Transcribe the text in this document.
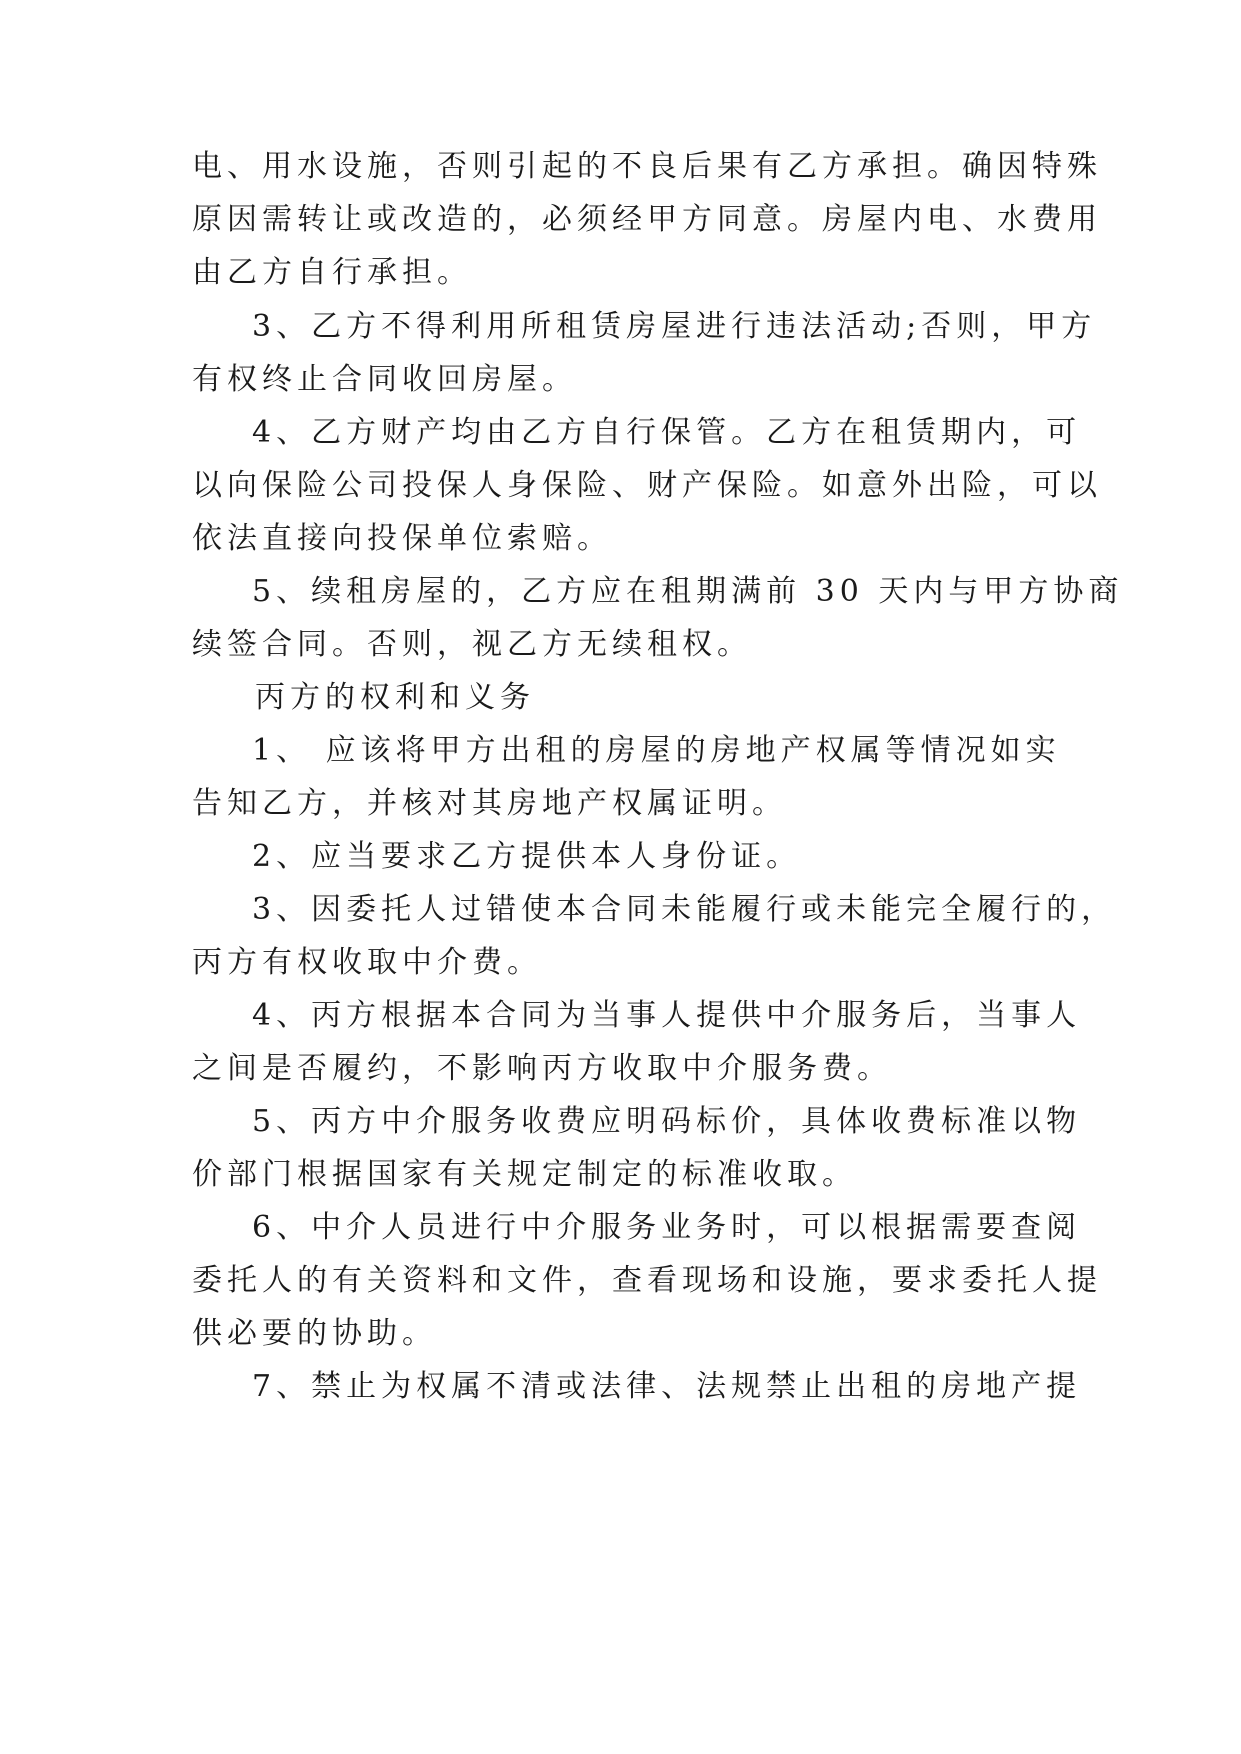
电、用水设施，否则引起的不良后果有乙方承担。确因特殊
原因需转让或改造的，必须经甲方同意。房屋内电、水费用
由乙方自行承担。
3、乙方不得利用所租赁房屋进行违法活动;否则，甲方
有权终止合同收回房屋。
4、乙方财产均由乙方自行保管。乙方在租赁期内，可
以向保险公司投保人身保险、财产保险。如意外出险，可以
依法直接向投保单位索赔。
5、续租房屋的，乙方应在租期满前 30 天内与甲方协商
续签合同。否则，视乙方无续租权。
丙方的权利和义务
1、 应该将甲方出租的房屋的房地产权属等情况如实
告知乙方，并核对其房地产权属证明。
2、应当要求乙方提供本人身份证。
3、因委托人过错使本合同未能履行或未能完全履行的，
丙方有权收取中介费。
4、丙方根据本合同为当事人提供中介服务后，当事人
之间是否履约，不影响丙方收取中介服务费。
5、丙方中介服务收费应明码标价，具体收费标准以物
价部门根据国家有关规定制定的标准收取。
6、中介人员进行中介服务业务时，可以根据需要查阅
委托人的有关资料和文件，查看现场和设施，要求委托人提
供必要的协助。
7、禁止为权属不清或法律、法规禁止出租的房地产提
